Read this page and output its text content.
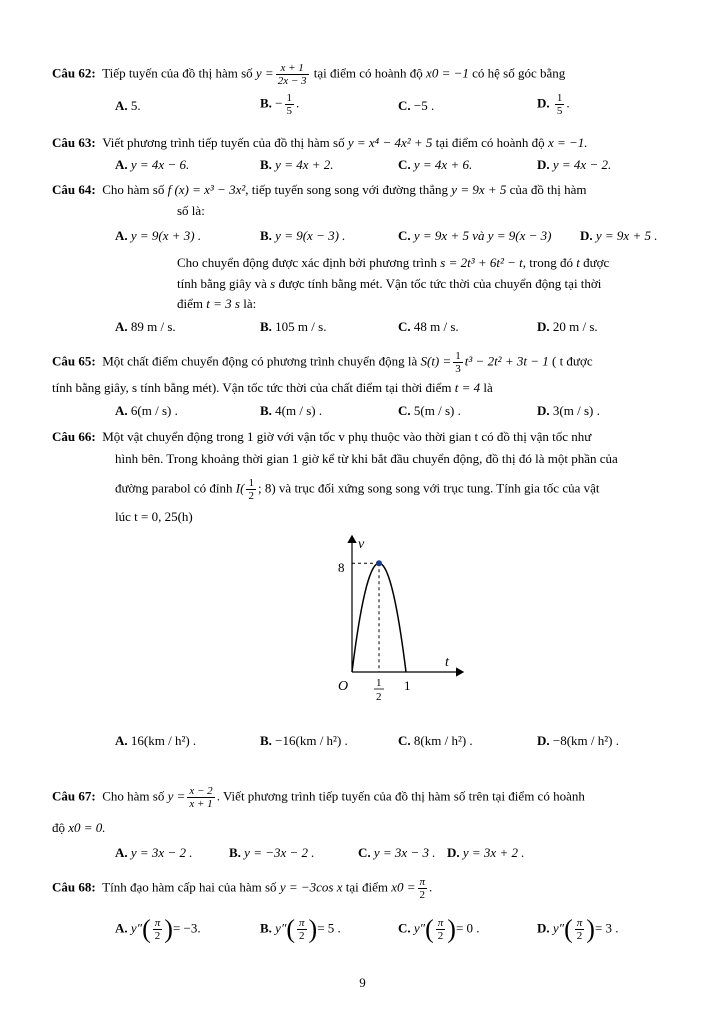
Câu 62: Tiếp tuyến của đồ thị hàm số $y = \frac{x + 1}{2x - 3}$ tại điểm có hoành độ x0 = −1 có hệ số góc bằng
A. 5.	B. − $\frac{1}{5}$ .	C. −5 .	D. $\frac{1}{5}$ .
Câu 63: Viết phương trình tiếp tuyến của đồ thị hàm số y = x⁴ − 4x² + 5 tại điểm có hoành độ x = −1.
A. y = 4x − 6.	B. y = 4x + 2.	C. y = 4x + 6.	D. y = 4x − 2.
Câu 64: Cho hàm số f (x) = x³ − 3x², tiếp tuyến song song với đường thẳng y = 9x + 5 của đồ thị hàm
số là:
A. y = 9(x + 3) .	B. y = 9(x − 3) .	C. y = 9x + 5 và y = 9(x − 3) D. y = 9x + 5 .
Cho chuyển động được xác định bởi phương trình s = 2t³ + 6t² − t, trong đó t được
tính bằng giây và s được tính bằng mét. Vận tốc tức thời của chuyển động tại thời
điểm t = 3 s là:
A. 89 m / s.	B. 105 m / s.	C. 48 m / s.	D. 20 m / s.
Câu 65: Một chất điểm chuyển động có phương trình chuyển động là $S(t) = \frac{1}{3} t^3 - 2t^2 + 3t - 1$ ( t được
tính bằng giây, s tính bằng mét). Vận tốc tức thời của chất điểm tại thời điểm t = 4 là
A. 6(m / s) .	B. 4(m / s) .	C. 5(m / s) .	D. 3(m / s) .
Câu 66: Một vật chuyển động trong 1 giờ với vận tốc v phụ thuộc vào thời gian t có đồ thị vận tốc như
hình bên. Trong khoảng thời gian 1 giờ kể từ khi bắt đầu chuyển động, đồ thị đó là một phần của
đường parabol có đỉnh $I( \frac{1}{2}$ ; 8) và trục đối xứng song song với trục tung. Tính gia tốc của vật
lúc t = 0, 25(h)
v
t
8
O	1
2
1
A. 16(km / h²) .	B. −16(km / h²) .	C. 8(km / h²) .	D. −8(km / h²) .
Câu 67: Cho hàm số $y = \frac{x - 2}{x + 1}$ . Viết phương trình tiếp tuyến của đồ thị hàm số trên tại điểm có hoành
độ x0 = 0.
A. y = 3x − 2 .	B. y = −3x − 2 .	C. y = 3x − 3 . D. y = 3x + 2 .
Câu 68: Tính đạo hàm cấp hai của hàm số y = −3cos x tại điểm $x0 = \frac{\pi}{2}$ .
A. $y''( \frac{\pi}{2}$ )= −3.	B. $y''( \frac{\pi}{2}$ )= 5 .	C. $y''( \frac{\pi}{2}$ )= 0 .	D. $y''( \frac{\pi}{2}$ )= 3 .
9
